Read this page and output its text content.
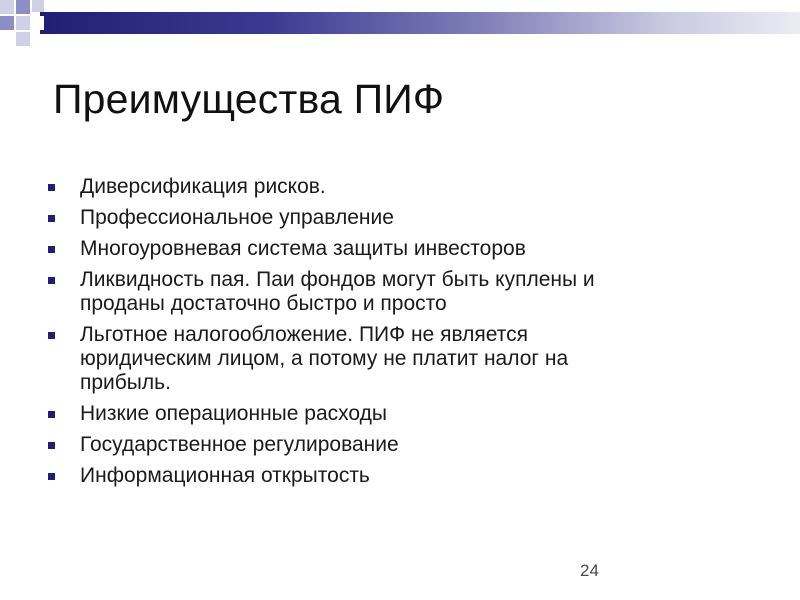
Преимущества ПИФ
Диверсификация рисков.
Профессиональное управление
Многоуровневая система защиты инвесторов
Ликвидность пая. Паи фондов могут быть куплены и
проданы достаточно быстро и просто
Льготное налогообложение. ПИФ не является
юридическим лицом, а потому не платит налог на
прибыль.
Низкие операционные расходы
Государственное регулирование
Информационная открытость
24
